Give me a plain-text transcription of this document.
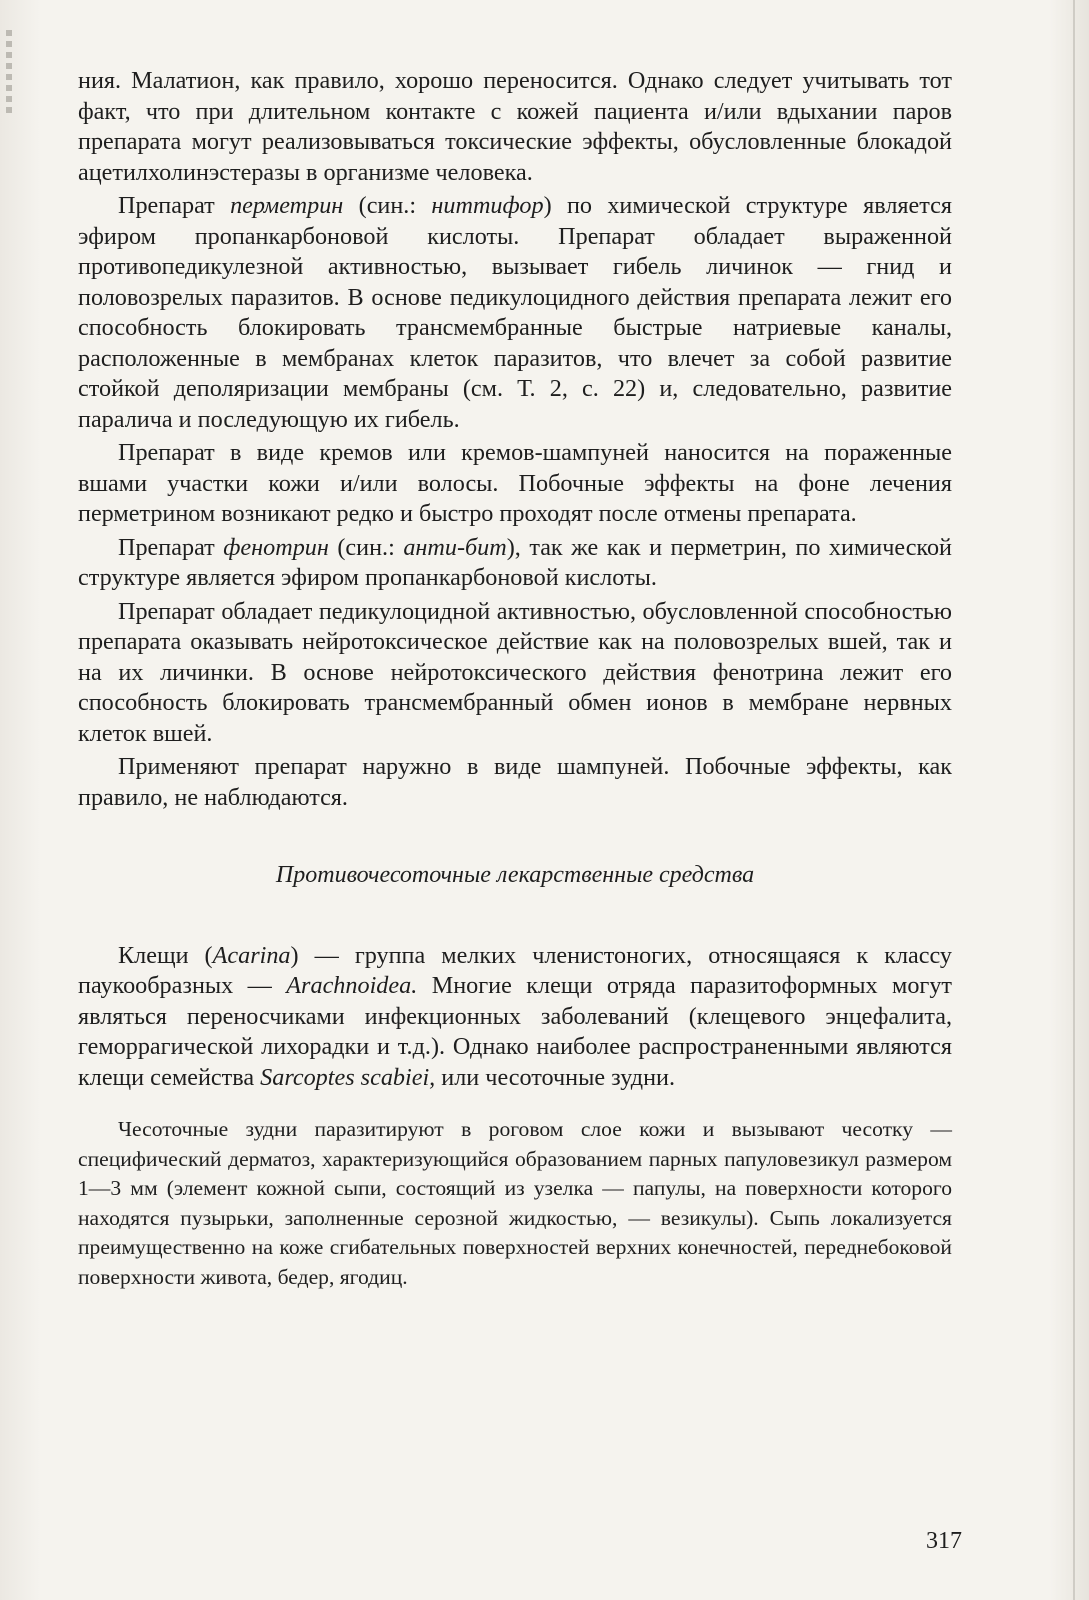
ния. Малатион, как правило, хорошо переносится. Однако следует учитывать тот факт, что при длительном контакте с кожей пациента и/или вдыхании паров препарата могут реализовываться токсические эффекты, обусловленные блокадой ацетилхолинэстеразы в организме человека.

Препарат перметрин (син.: ниттифор) по химической структуре является эфиром пропанкарбоновой кислоты. Препарат обладает выраженной противопедикулезной активностью, вызывает гибель личинок — гнид и половозрелых паразитов. В основе педикулоцидного действия препарата лежит его способность блокировать трансмембранные быстрые натриевые каналы, расположенные в мембранах клеток паразитов, что влечет за собой развитие стойкой деполяризации мембраны (см. Т. 2, с. 22) и, следовательно, развитие паралича и последующую их гибель.

Препарат в виде кремов или кремов-шампуней наносится на пораженные вшами участки кожи и/или волосы. Побочные эффекты на фоне лечения перметрином возникают редко и быстро проходят после отмены препарата.

Препарат фенотрин (син.: анти-бит), так же как и перметрин, по химической структуре является эфиром пропанкарбоновой кислоты.

Препарат обладает педикулоцидной активностью, обусловленной способностью препарата оказывать нейротоксическое действие как на половозрелых вшей, так и на их личинки. В основе нейротоксического действия фенотрина лежит его способность блокировать трансмембранный обмен ионов в мембране нервных клеток вшей.

Применяют препарат наружно в виде шампуней. Побочные эффекты, как правило, не наблюдаются.

Противочесоточные лекарственные средства

Клещи (Acarina) — группа мелких членистоногих, относящаяся к классу паукообразных — Arachnoidea. Многие клещи отряда паразитоформных могут являться переносчиками инфекционных заболеваний (клещевого энцефалита, геморрагической лихорадки и т.д.). Однако наиболее распространенными являются клещи семейства Sarcoptes scabiei, или чесоточные зудни.

Чесоточные зудни паразитируют в роговом слое кожи и вызывают чесотку — специфический дерматоз, характеризующийся образованием парных папуловезикул размером 1—3 мм (элемент кожной сыпи, состоящий из узелка — папулы, на поверхности которого находятся пузырьки, заполненные серозной жидкостью, — везикулы). Сыпь локализуется преимущественно на коже сгибательных поверхностей верхних конечностей, переднебоковой поверхности живота, бедер, ягодиц.

317
